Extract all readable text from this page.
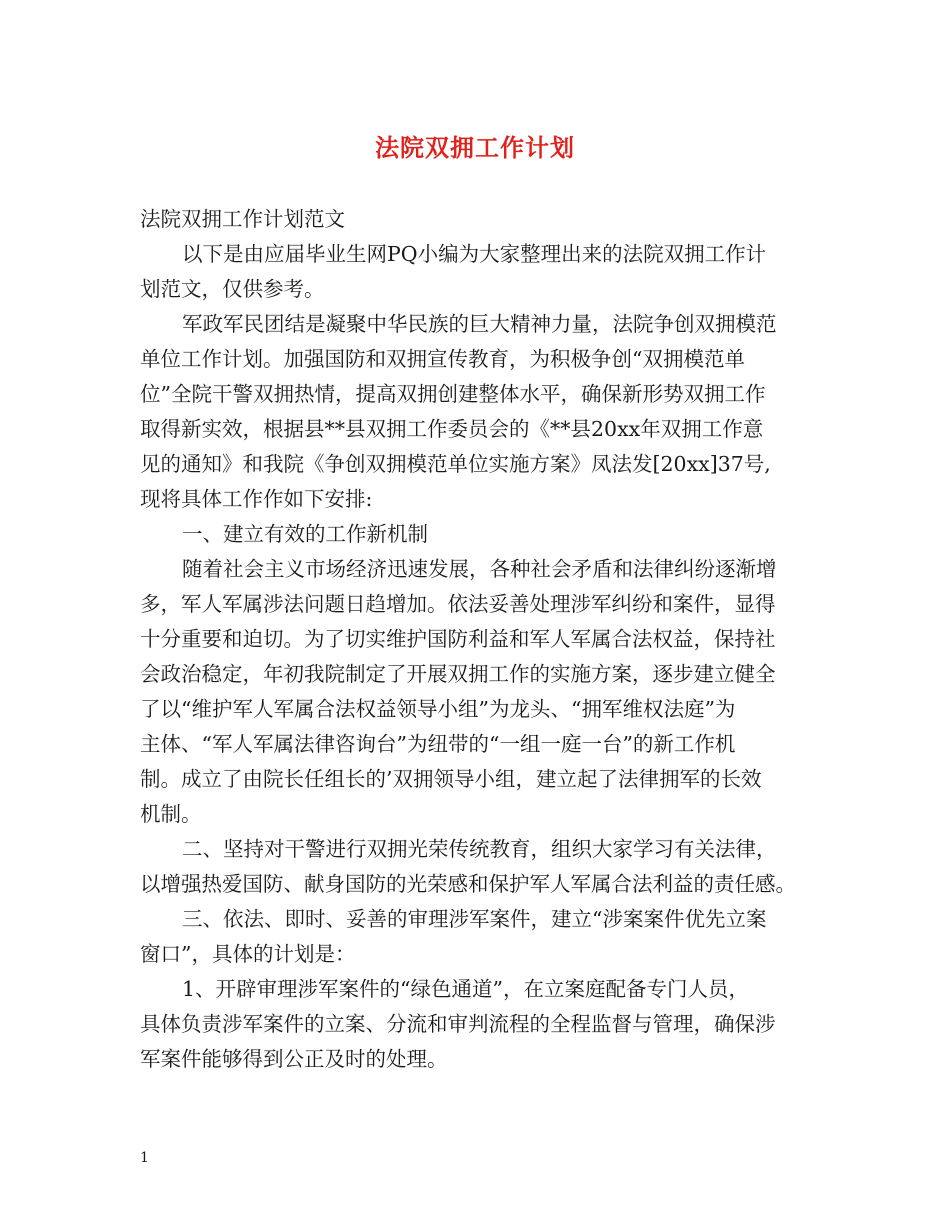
法院双拥工作计划
法院双拥工作计划范文
以下是由应届毕业生网PQ小编为大家整理出来的法院双拥工作计
划范文，仅供参考。
军政军民团结是凝聚中华民族的巨大精神力量，法院争创双拥模范
单位工作计划。加强国防和双拥宣传教育，为积极争创“双拥模范单
位”全院干警双拥热情，提高双拥创建整体水平，确保新形势双拥工作
取得新实效，根据县**县双拥工作委员会的《**县20xx年双拥工作意
见的通知》和我院《争创双拥模范单位实施方案》凤法发[20xx]37号,
现将具体工作作如下安排:
一、建立有效的工作新机制
随着社会主义市场经济迅速发展，各种社会矛盾和法律纠纷逐渐增
多，军人军属涉法问题日趋增加。依法妥善处理涉军纠纷和案件，显得
十分重要和迫切。为了切实维护国防利益和军人军属合法权益，保持社
会政治稳定，年初我院制定了开展双拥工作的实施方案，逐步建立健全
了以“维护军人军属合法权益领导小组”为龙头、“拥军维权法庭”为
主体、“军人军属法律咨询台”为纽带的“一组一庭一台”的新工作机
制。成立了由院长任组长的’双拥领导小组，建立起了法律拥军的长效
机制。
二、坚持对干警进行双拥光荣传统教育，组织大家学习有关法律，
以增强热爱国防、献身国防的光荣感和保护军人军属合法利益的责任感。
三、依法、即时、妥善的审理涉军案件，建立“涉案案件优先立案
窗口”，具体的计划是：
1、开辟审理涉军案件的“绿色通道”，在立案庭配备专门人员，
具体负责涉军案件的立案、分流和审判流程的全程监督与管理，确保涉
军案件能够得到公正及时的处理。
1
